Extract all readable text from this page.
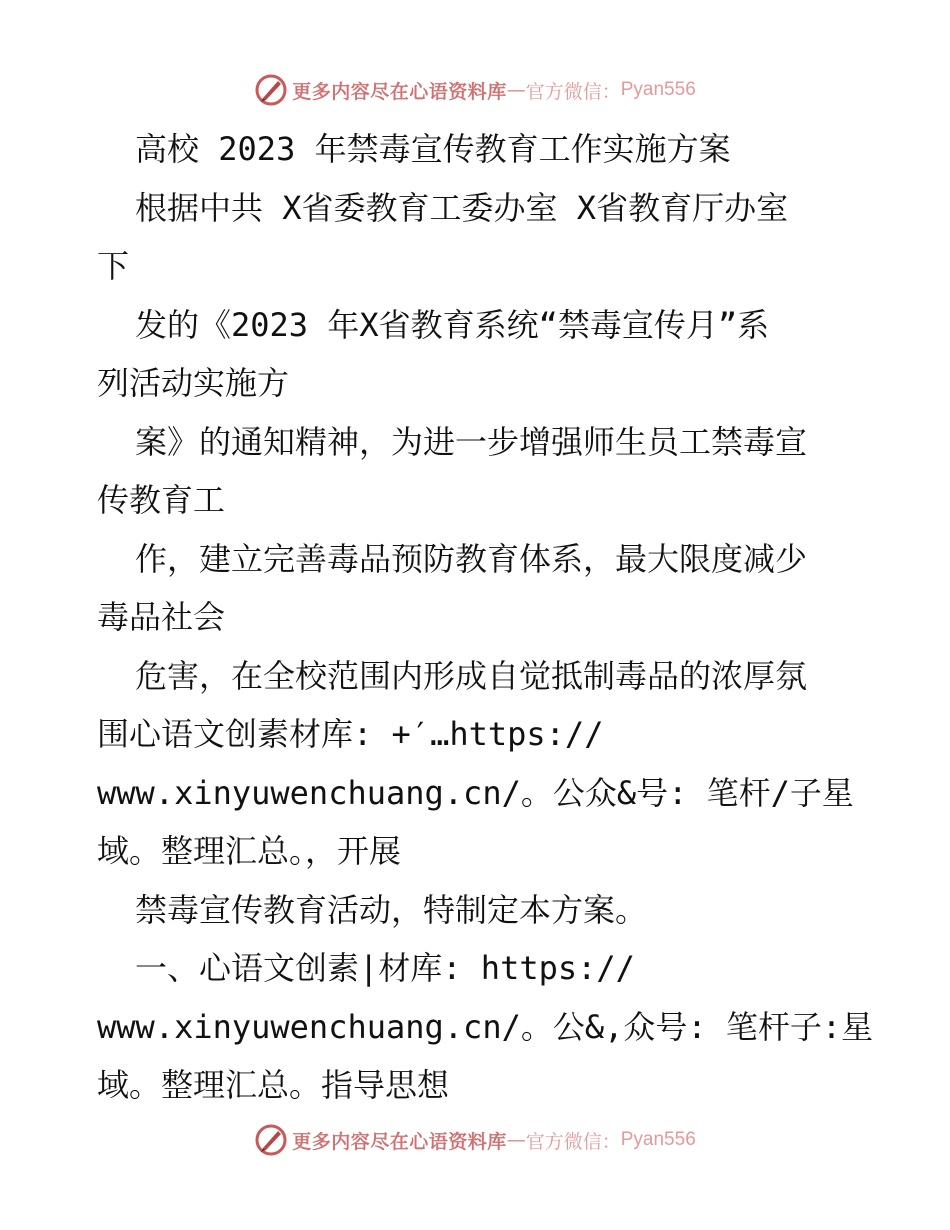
更多内容尽在心语资料库 — 官方微信： Pyan556
高校 2023 年禁毒宣传教育工作实施方案
根据中共 X省委教育工委办室 X省教育厅办室
下
发的《2023 年X省教育系统“禁毒宣传月”系
列活动实施方
案》的通知精神，为进一步增强师生员工禁毒宣
传教育工
作，建立完善毒品预防教育体系，最大限度减少
毒品社会
危害，在全校范围内形成自觉抵制毒品的浓厚氛
围心语文创素材库: +′…https://
www.xinyuwenchuang.cn/。公众&号: 笔杆/子星
域。整理汇总。，开展
禁毒宣传教育活动，特制定本方案。
一、心语文创素|材库: https://
www.xinyuwenchuang.cn/。公&,众号: 笔杆子:星
域。整理汇总。指导思想
更多内容尽在心语资料库 — 官方微信： Pyan556
